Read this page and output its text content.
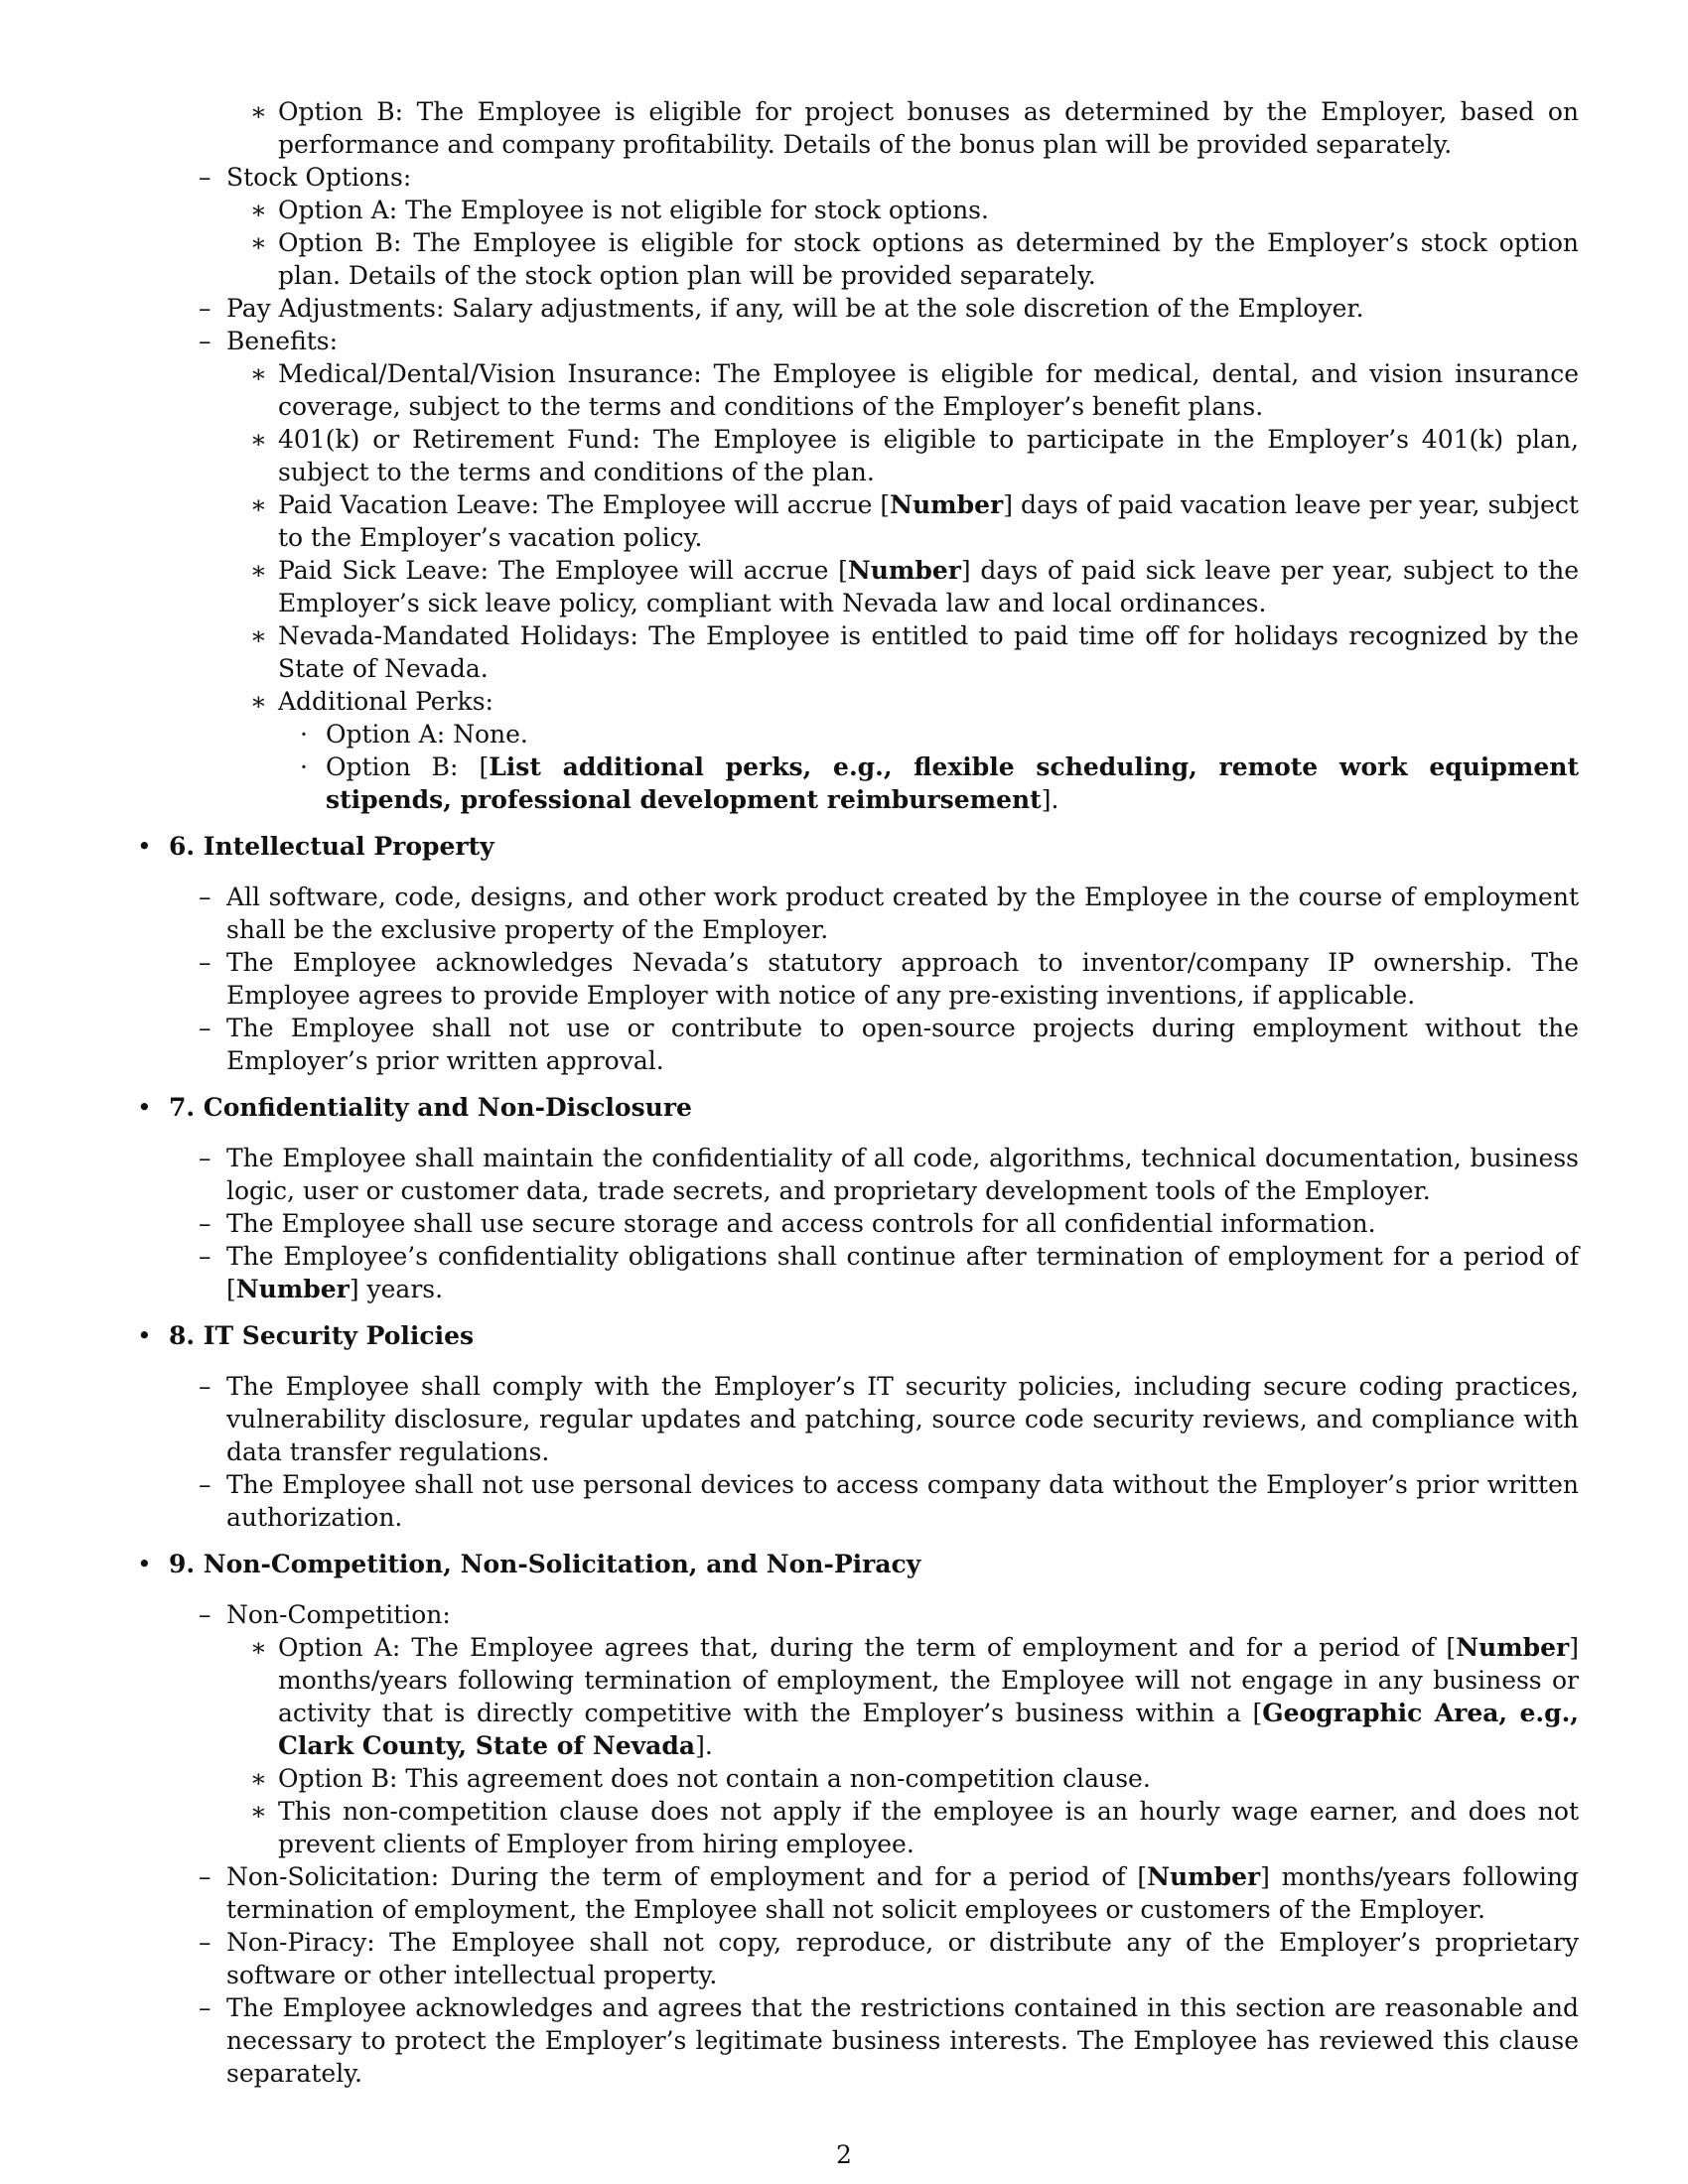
∗ Option B: The Employee is eligible for project bonuses as determined by the Employer, based on performance and company profitability. Details of the bonus plan will be provided separately.
– Stock Options:
∗ Option A: The Employee is not eligible for stock options.
∗ Option B: The Employee is eligible for stock options as determined by the Employer’s stock option plan. Details of the stock option plan will be provided separately.
– Pay Adjustments: Salary adjustments, if any, will be at the sole discretion of the Employer.
– Benefits:
∗ Medical/Dental/Vision Insurance: The Employee is eligible for medical, dental, and vision insurance coverage, subject to the terms and conditions of the Employer’s benefit plans.
∗ 401(k) or Retirement Fund: The Employee is eligible to participate in the Employer’s 401(k) plan, subject to the terms and conditions of the plan.
∗ Paid Vacation Leave: The Employee will accrue [Number] days of paid vacation leave per year, subject to the Employer’s vacation policy.
∗ Paid Sick Leave: The Employee will accrue [Number] days of paid sick leave per year, subject to the Employer’s sick leave policy, compliant with Nevada law and local ordinances.
∗ Nevada-Mandated Holidays: The Employee is entitled to paid time off for holidays recognized by the State of Nevada.
∗ Additional Perks:
· Option A: None.
· Option B: [List additional perks, e.g., flexible scheduling, remote work equipment stipends, professional development reimbursement].
• 6. Intellectual Property
– All software, code, designs, and other work product created by the Employee in the course of employment shall be the exclusive property of the Employer.
– The Employee acknowledges Nevada’s statutory approach to inventor/company IP ownership. The Employee agrees to provide Employer with notice of any pre-existing inventions, if applicable.
– The Employee shall not use or contribute to open-source projects during employment without the Employer’s prior written approval.
• 7. Confidentiality and Non-Disclosure
– The Employee shall maintain the confidentiality of all code, algorithms, technical documentation, business logic, user or customer data, trade secrets, and proprietary development tools of the Employer.
– The Employee shall use secure storage and access controls for all confidential information.
– The Employee’s confidentiality obligations shall continue after termination of employment for a period of [Number] years.
• 8. IT Security Policies
– The Employee shall comply with the Employer’s IT security policies, including secure coding practices, vulnerability disclosure, regular updates and patching, source code security reviews, and compliance with data transfer regulations.
– The Employee shall not use personal devices to access company data without the Employer’s prior written authorization.
• 9. Non-Competition, Non-Solicitation, and Non-Piracy
– Non-Competition:
∗ Option A: The Employee agrees that, during the term of employment and for a period of [Number] months/years following termination of employment, the Employee will not engage in any business or activity that is directly competitive with the Employer’s business within a [Geographic Area, e.g., Clark County, State of Nevada].
∗ Option B: This agreement does not contain a non-competition clause.
∗ This non-competition clause does not apply if the employee is an hourly wage earner, and does not prevent clients of Employer from hiring employee.
– Non-Solicitation: During the term of employment and for a period of [Number] months/years following termination of employment, the Employee shall not solicit employees or customers of the Employer.
– Non-Piracy: The Employee shall not copy, reproduce, or distribute any of the Employer’s proprietary software or other intellectual property.
– The Employee acknowledges and agrees that the restrictions contained in this section are reasonable and necessary to protect the Employer’s legitimate business interests. The Employee has reviewed this clause separately.
2
